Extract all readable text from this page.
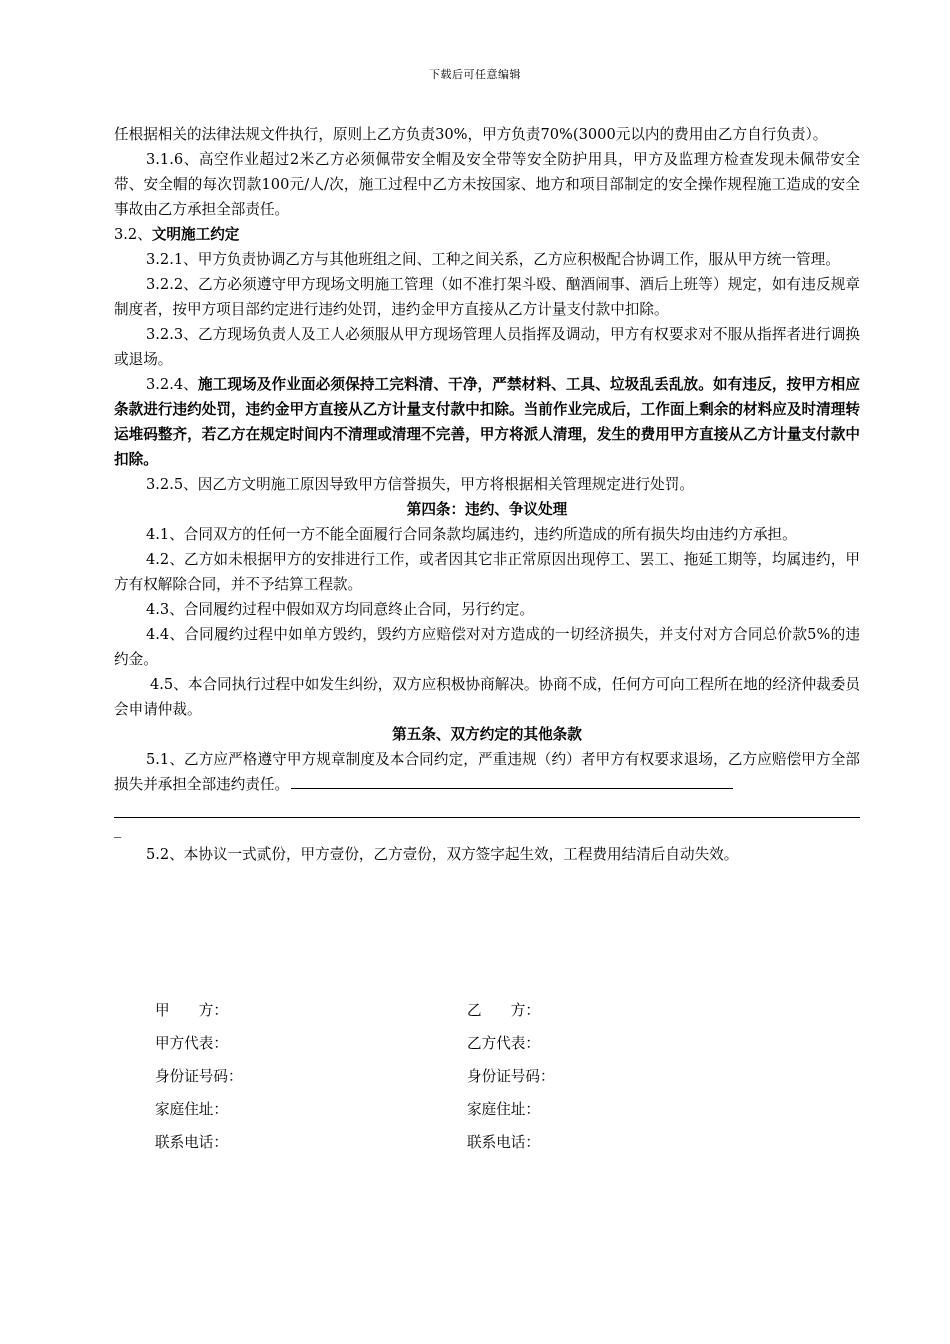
下载后可任意编辑

任根据相关的法律法规文件执行，原则上乙方负责30%，甲方负责70%(3000元以内的费用由乙方自行负责）。

3.1.6、高空作业超过2米乙方必须佩带安全帽及安全带等安全防护用具，甲方及监理方检查发现未佩带安全带、安全帽的每次罚款100元/人/次，施工过程中乙方未按国家、地方和项目部制定的安全操作规程施工造成的安全事故由乙方承担全部责任。

3.2、文明施工约定

3.2.1、甲方负责协调乙方与其他班组之间、工种之间关系，乙方应积极配合协调工作，服从甲方统一管理。

3.2.2、乙方必须遵守甲方现场文明施工管理（如不准打架斗殴、酗酒闹事、酒后上班等）规定，如有违反规章制度者，按甲方项目部约定进行违约处罚，违约金甲方直接从乙方计量支付款中扣除。

3.2.3、乙方现场负责人及工人必须服从甲方现场管理人员指挥及调动，甲方有权要求对不服从指挥者进行调换或退场。

3.2.4、施工现场及作业面必须保持工完料清、干净，严禁材料、工具、垃圾乱丢乱放。如有违反，按甲方相应条款进行违约处罚，违约金甲方直接从乙方计量支付款中扣除。当前作业完成后，工作面上剩余的材料应及时清理转运堆码整齐，若乙方在规定时间内不清理或清理不完善，甲方将派人清理，发生的费用甲方直接从乙方计量支付款中扣除。

3.2.5、因乙方文明施工原因导致甲方信誉损失，甲方将根据相关管理规定进行处罚。

第四条：违约、争议处理

4.1、合同双方的任何一方不能全面履行合同条款均属违约，违约所造成的所有损失均由违约方承担。

4.2、乙方如未根据甲方的安排进行工作，或者因其它非正常原因出现停工、罢工、拖延工期等，均属违约，甲方有权解除合同，并不予结算工程款。

4.3、合同履约过程中假如双方均同意终止合同，另行约定。

4.4、合同履约过程中如单方毁约，毁约方应赔偿对对方造成的一切经济损失，并支付对方合同总价款5%的违约金。

4.5、本合同执行过程中如发生纠纷，双方应积极协商解决。协商不成，任何方可向工程所在地的经济仲裁委员会申请仲裁。

第五条、双方约定的其他条款

5.1、乙方应严格遵守甲方规章制度及本合同约定，严重违规（约）者甲方有权要求退场，乙方应赔偿甲方全部损失并承担全部违约责任。

_

5.2、本协议一式贰份，甲方壹份，乙方壹份，双方签字起生效，工程费用结清后自动失效。

甲　　方：	乙　　方：
甲方代表：	乙方代表：
身份证号码：	身份证号码：
家庭住址：	家庭住址：
联系电话：	联系电话：
